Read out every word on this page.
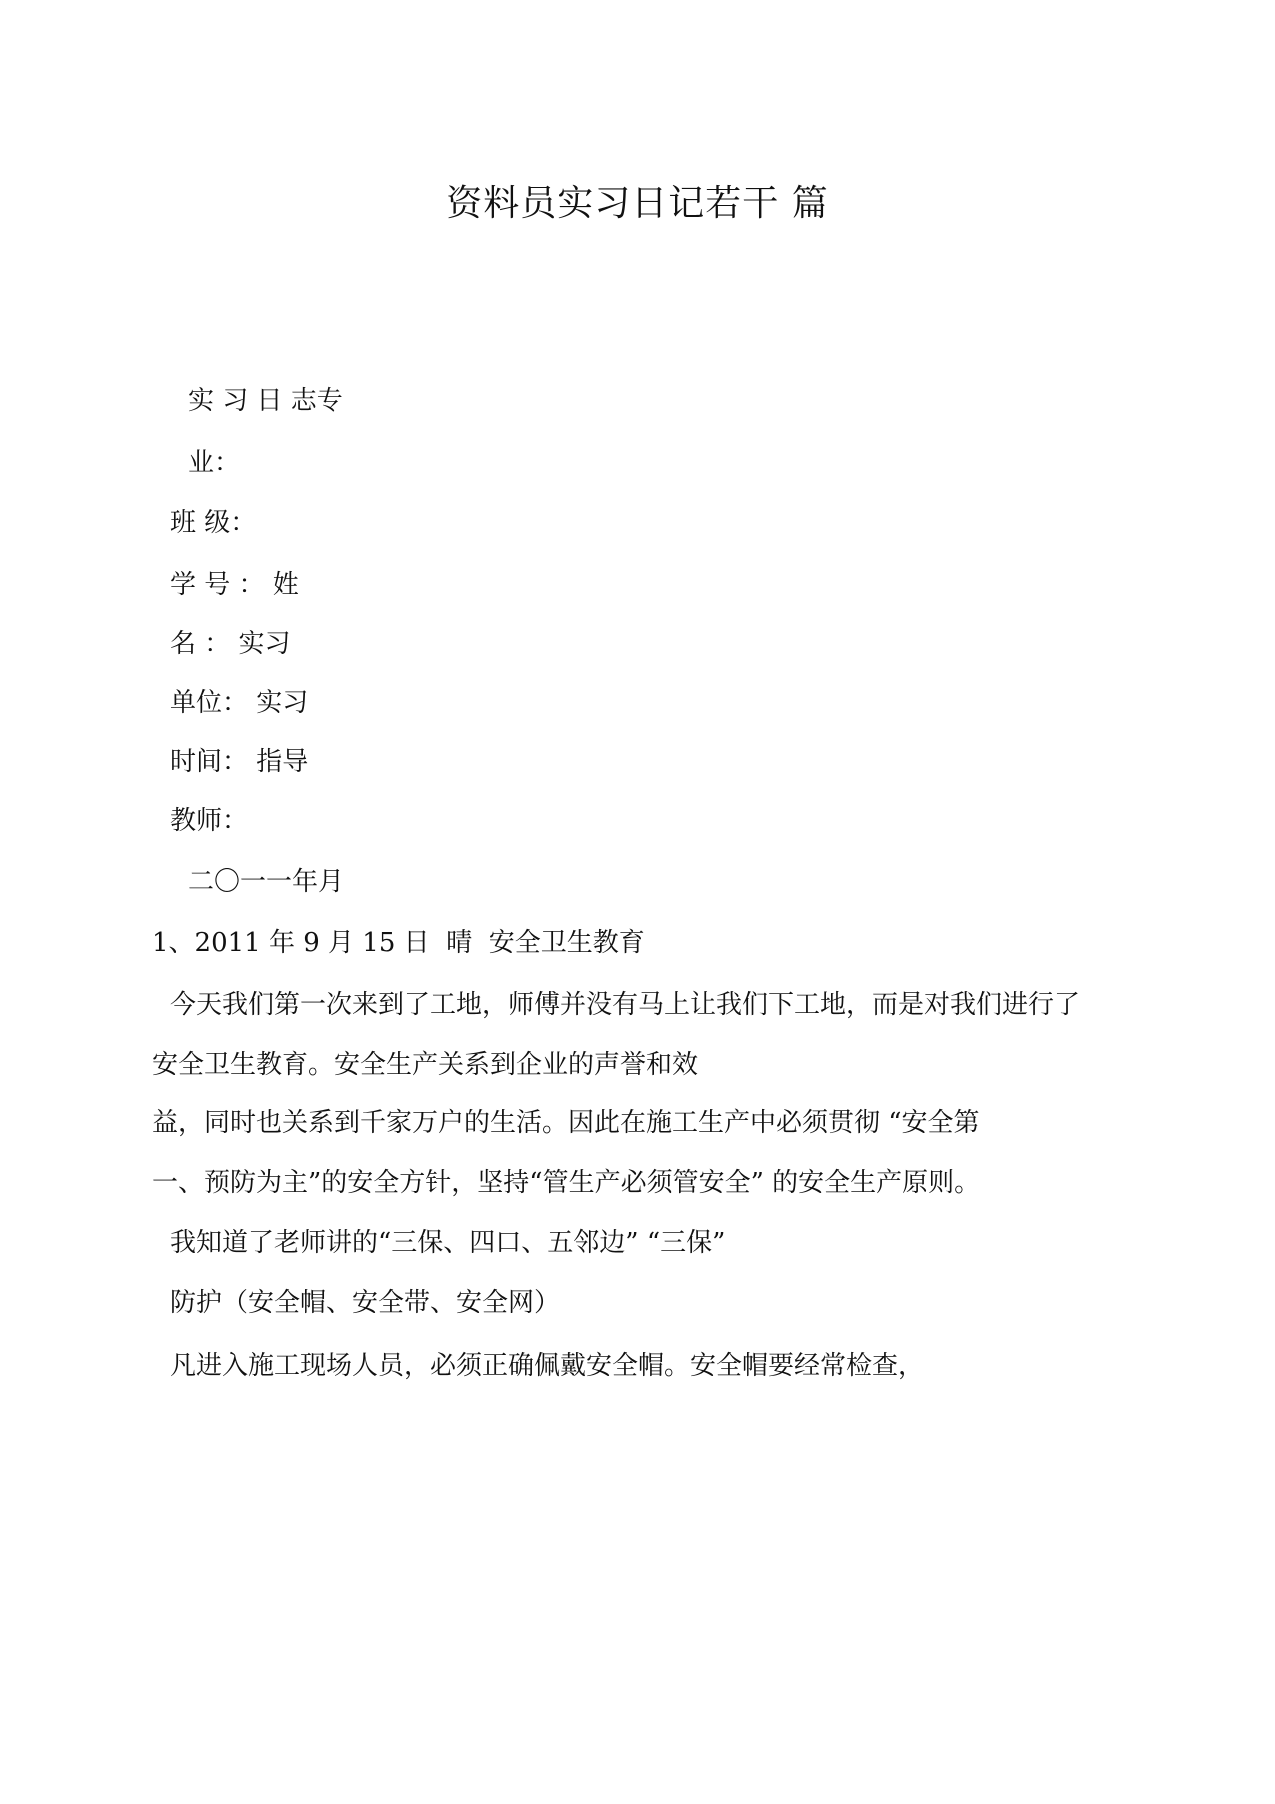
资料员实习日记若干 篇
实 习 日 志专
业：
班 级：
学 号 ： 姓
名 ： 实习
单位： 实习
时间： 指导
教师：
二〇一一年月
1、2011 年 9 月 15 日  晴  安全卫生教育
今天我们第一次来到了工地，师傅并没有马上让我们下工地，而是对我们进行了
安全卫生教育。安全生产关系到企业的声誉和效
益，同时也关系到千家万户的生活。因此在施工生产中必须贯彻 “安全第
一、预防为主”的安全方针，坚持“管生产必须管安全” 的安全生产原则。
我知道了老师讲的“三保、四口、五邻边” “三保”
防护（安全帽、安全带、安全网）
凡进入施工现场人员，必须正确佩戴安全帽。安全帽要经常检查，
